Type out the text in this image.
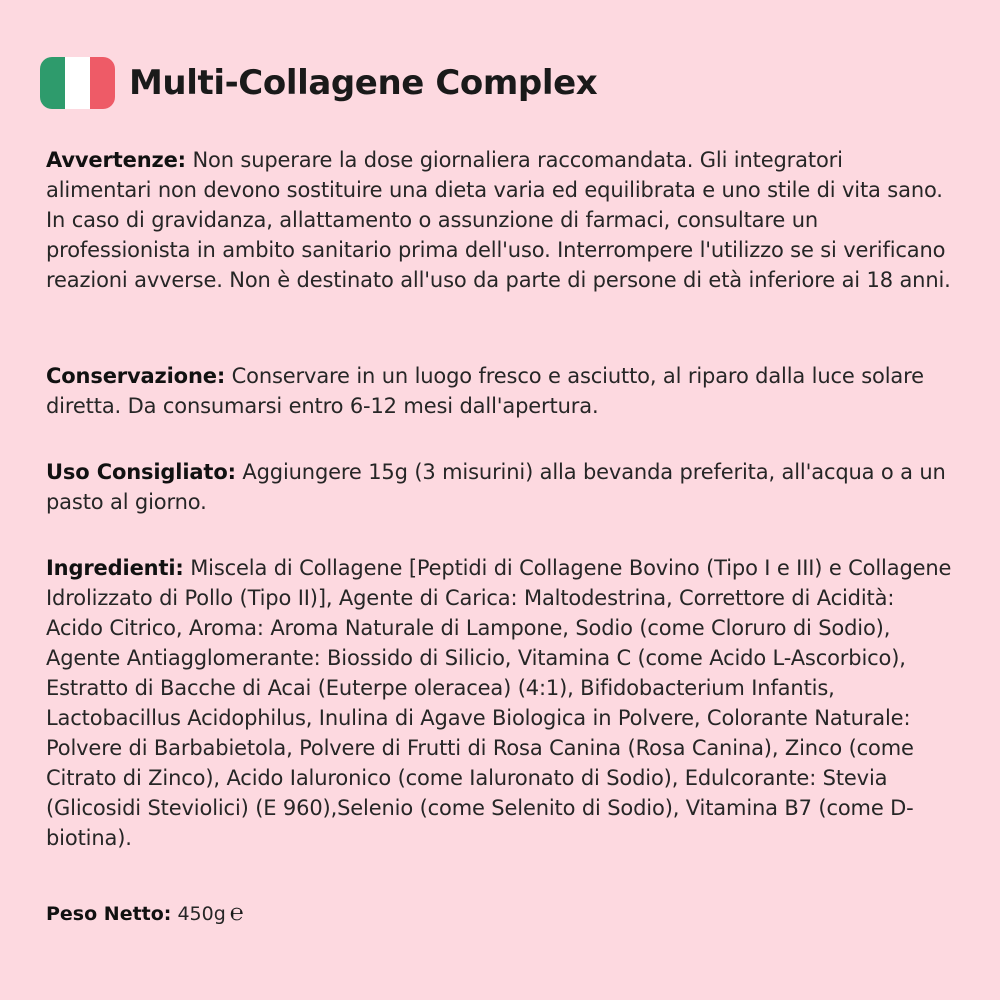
Multi-Collagene Complex

Avvertenze: Non superare la dose giornaliera raccomandata. Gli integratori alimentari non devono sostituire una dieta varia ed equilibrata e uno stile di vita sano. In caso di gravidanza, allattamento o assunzione di farmaci, consultare un professionista in ambito sanitario prima dell'uso. Interrompere l'utilizzo se si verificano reazioni avverse. Non è destinato all'uso da parte di persone di età inferiore ai 18 anni.

Conservazione: Conservare in un luogo fresco e asciutto, al riparo dalla luce solare diretta. Da consumarsi entro 6-12 mesi dall'apertura.

Uso Consigliato: Aggiungere 15g (3 misurini) alla bevanda preferita, all'acqua o a un pasto al giorno.

Ingredienti: Miscela di Collagene [Peptidi di Collagene Bovino (Tipo I e III) e Collagene Idrolizzato di Pollo (Tipo II)], Agente di Carica: Maltodestrina, Correttore di Acidità: Acido Citrico, Aroma: Aroma Naturale di Lampone, Sodio (come Cloruro di Sodio), Agente Antiagglomerante: Biossido di Silicio, Vitamina C (come Acido L-Ascorbico), Estratto di Bacche di Acai (Euterpe oleracea) (4:1), Bifidobacterium Infantis, Lactobacillus Acidophilus, Inulina di Agave Biologica in Polvere, Colorante Naturale: Polvere di Barbabietola, Polvere di Frutti di Rosa Canina (Rosa Canina), Zinco (come Citrato di Zinco), Acido Ialuronico (come Ialuronato di Sodio), Edulcorante: Stevia (Glicosidi Steviolici) (E 960),Selenio (come Selenito di Sodio), Vitamina B7 (come D-biotina).

Peso Netto: 450g ℮
